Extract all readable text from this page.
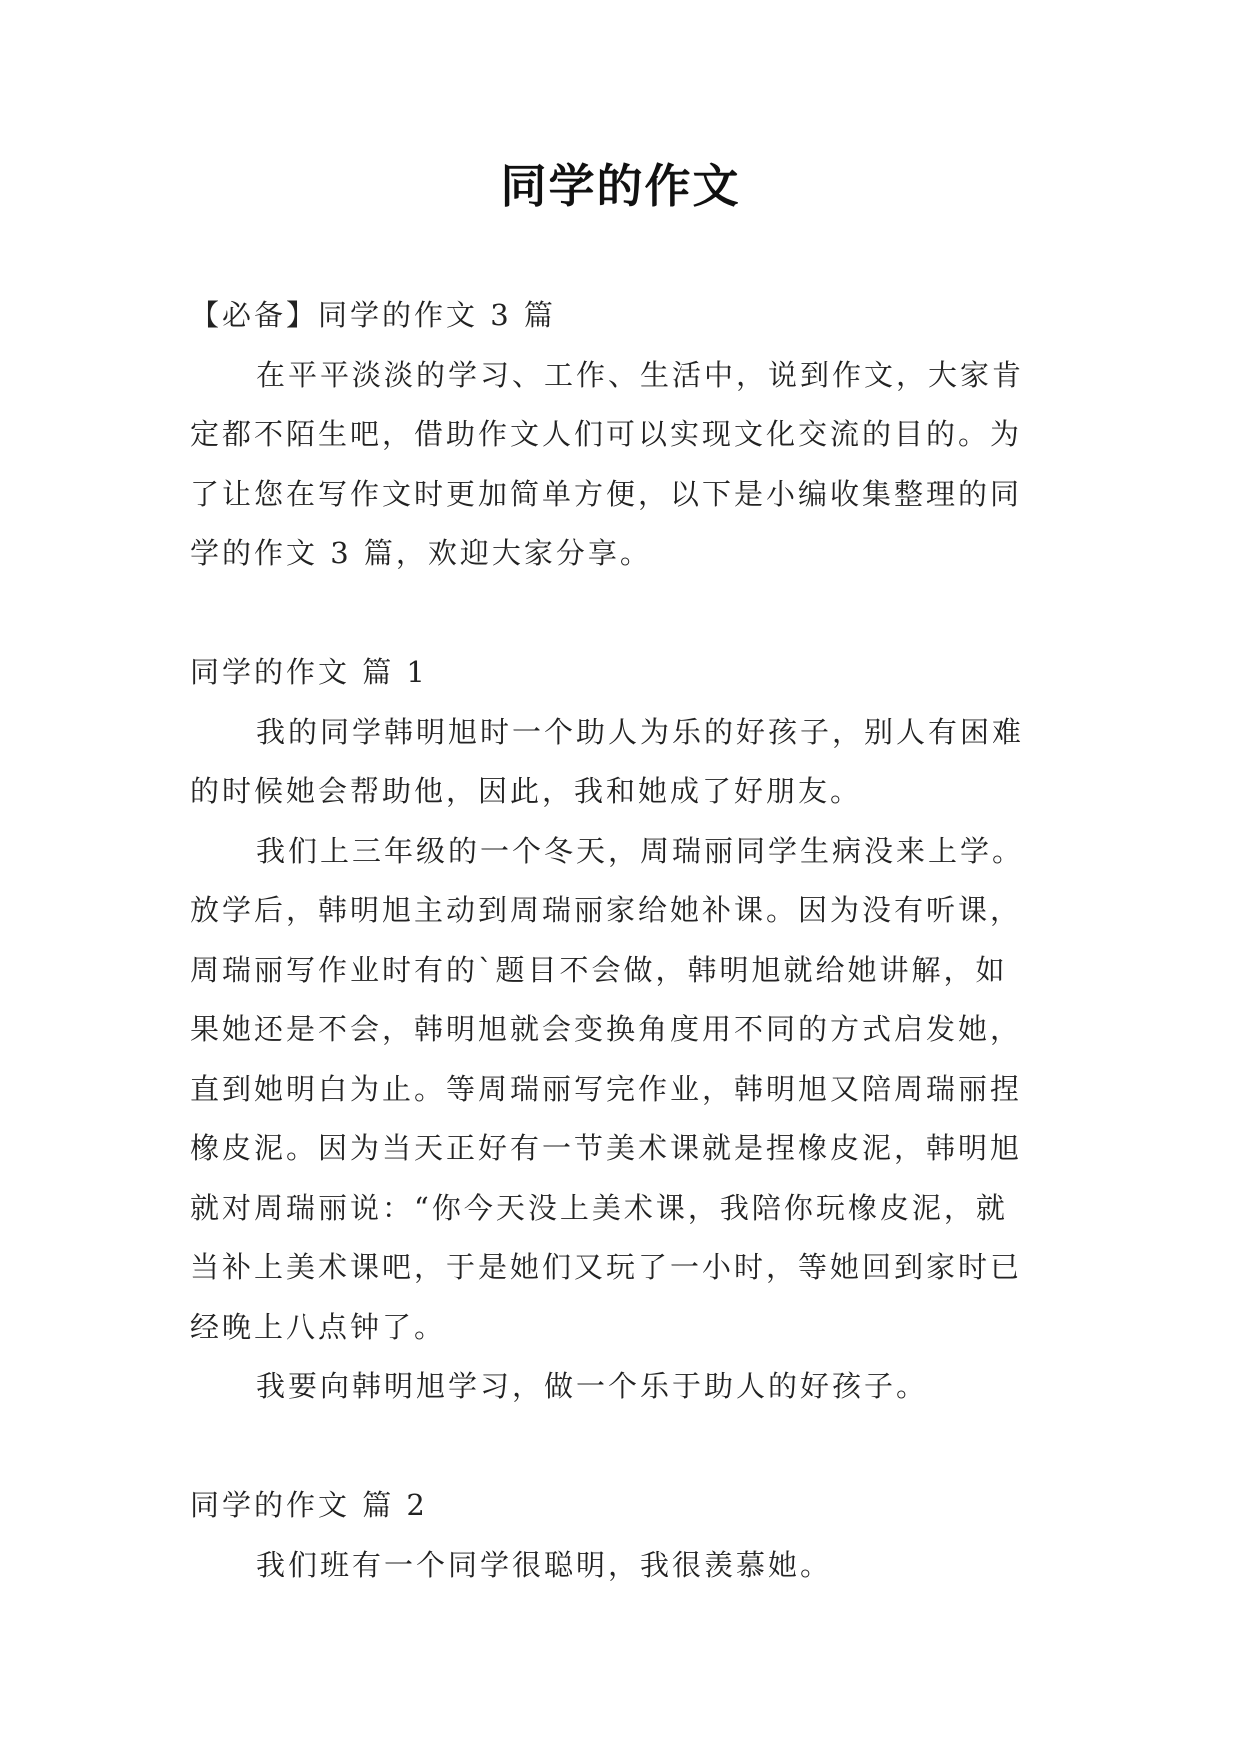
同学的作文
【必备】同学的作文 3 篇
在平平淡淡的学习、工作、生活中，说到作文，大家肯
定都不陌生吧，借助作文人们可以实现文化交流的目的。为
了让您在写作文时更加简单方便，以下是小编收集整理的同
学的作文 3 篇，欢迎大家分享。
同学的作文 篇 1
我的同学韩明旭时一个助人为乐的好孩子，别人有困难
的时候她会帮助他，因此，我和她成了好朋友。
我们上三年级的一个冬天，周瑞丽同学生病没来上学。
放学后，韩明旭主动到周瑞丽家给她补课。因为没有听课，
周瑞丽写作业时有的`题目不会做，韩明旭就给她讲解，如
果她还是不会，韩明旭就会变换角度用不同的方式启发她，
直到她明白为止。等周瑞丽写完作业，韩明旭又陪周瑞丽捏
橡皮泥。因为当天正好有一节美术课就是捏橡皮泥，韩明旭
就对周瑞丽说：“你今天没上美术课，我陪你玩橡皮泥，就
当补上美术课吧，于是她们又玩了一小时，等她回到家时已
经晚上八点钟了。
我要向韩明旭学习，做一个乐于助人的好孩子。
同学的作文 篇 2
我们班有一个同学很聪明，我很羡慕她。
